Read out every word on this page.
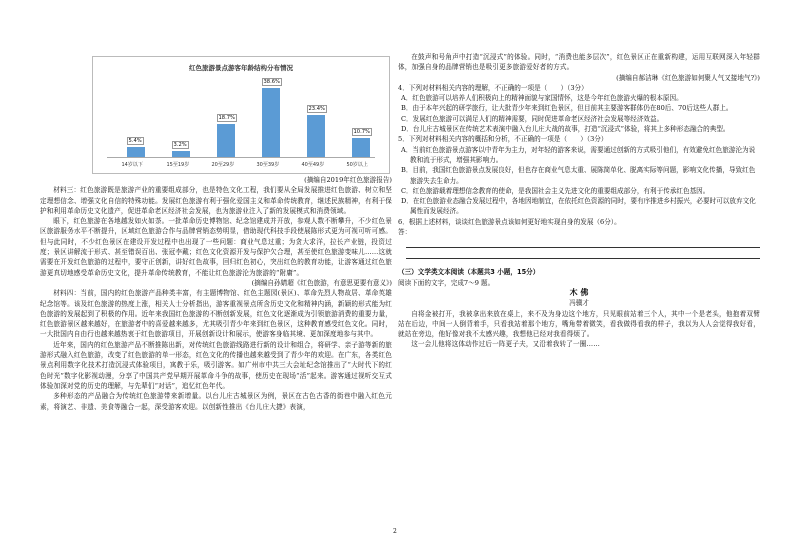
红色旅游景点游客年龄结构分布情况
5.4%
14岁以下
3.2%
15至19岁
18.7%
20至29岁
38.6%
30至39岁
23.4%
40至49岁
10.7%
50岁以上

(摘编自2019年红色旅游报告)

材料三：红色旅游既是旅游产业的重要组成部分，也是特色文化工程，我们要从全局发展推进红色旅游、树立和坚定理想信念、增强文化自信的特殊功能。发展红色旅游有利于强化爱国主义和革命传统教育，继述民族精神，有利于保护和利用革命历史文化遗产，促进革命老区经济社会发展，也为旅游业注入了新的发展模式和消费领域。

眼下，红色旅游在各地越发如火如荼。一批革命历史博物馆、纪念馆建成并开放，参观人数不断攀升，不少红色景区旅游服务水平不断提升，区域红色旅游合作与品牌营销态势明显，借助现代科技手段使展陈形式更为可视可听可感。但与此同时，不少红色景区在建设开发过程中也出现了一些问题：商业气息过重；为贪大求洋，拉长产业链，投资过度；景区讲解流于形式、甚至错误百出、张冠李戴；红色文化资源开发与保护欠合理，甚至使红色旅游变味儿……这就需要在开发红色旅游的过程中，要守正创新，讲好红色故事，回归红色初心，突出红色的教育功能，让游客通过红色旅游更真切地感受革命历史文化，提升革命传统教育，不能让红色旅游沦为旅游的“附庸”。

(摘编自孙婧超《红色旅游，有意思更要有意义》)

材料四：当前，国内的红色旅游产品种类丰富，有主题博物馆、红色主题园(景区)、革命先烈人物故居、革命英雄纪念馆等。该及红色旅游的热度上涨，相关人士分析指出，游客重视景点所含历史文化和精神内涵，新颖的形式能为红色旅游的发展起到了积极的作用。近年来我国红色旅游的不断创新发展，红色文化逐渐成为引领旅游消费的重要力量，红色旅游景区越来越好，在旅游者中的喜爱越来越多，尤其吸引青少年来到红色景区，这种教育感受红色文化。同时，一大批国内自由行也越来越热衷于红色旅游项目，开展创新设计和展示，使游客身临其境、更加深度地参与其中。

近年来，国内的红色旅游产品不断推陈出新，对传统红色旅游线路进行新的设计和组合，将研学、亲子游等新的旅游形式融入红色旅游，改变了红色旅游的单一形态，红色文化的传播也越来越受到了青少年的欢迎。在广东，各类红色景点利用数字化技术打造沉浸式体验项目，寓教于乐，吸引游客。如广州市中共三大会址纪念馆推出了“大时代下的红色时光”数字化影视动漫，分享了中国共产党早期开展革命斗争的故事，使历史在现场“活”起来。游客通过视听交互式体验加深对党的历史的理解，与先辈们“对话”，追忆红色年代。

多种形态的产品融合为传统红色旅游带来新增量。以台儿庄古城景区为例，景区在古色古香的街巷中融入红色元素，将演艺、非遗、美食等融合一起，深受游客欢迎。以创新性推出《台儿庄大捷》表演，

在鼓声和号角声中打造“沉浸式”的体验。同时，“消费也能多层次”，红色景区正在重新构建，运用互联网深入年轻群体，加强自身的品牌营销也是吸引更多旅游爱好者的方式。

(摘编自郝洁琳《红色旅游如何聚人气又接地气?》)

4．下列对材料相关内容的理解，不正确的一项是（　　）（3分）

A．红色旅游可以培养人们积极向上的精神面貌与家国情怀，这是今年红色旅游火爆的根本原因。

B．由于本年兴起的研学旅行，让大批青少年来到红色景区，但目前其主要游客群体仍在80后、70后这些人群上。

C．发展红色旅游可以满足人们的精神需要，同时促进革命老区经济社会发展等经济效益。

D．台儿庄古城景区在传统艺术表演中融入台儿庄大战的故事，打造“沉浸式”体验，将其上多种形态融合的典型。

5．下列对材料相关内容的概括和分析，不正确的一项是（　　）（3分）

A．当前红色旅游景点游客以中青年为主力，对年轻的游客来说，需要通过创新的方式吸引他们，有效避免红色旅游沦为说教和流于形式，增强其影响力。

B．目前，我国红色旅游景点发展良好，但也存在商业气息太重、展陈简单化、脱离实际等问题，影响文化传播，导致红色旅游失去生命力。

C．红色旅游载着理想信念教育的使命，是我国社会主义先进文化的重要组成部分，有利于传承红色基因。

D．在红色旅游业态融合发展过程中，各地因地制宜，在依托红色资源的同时，要有序推进乡村振兴，必要时可以放弃文化属性而发展经济。

6．根据上述材料，谈谈红色旅游景点该如何更好地实现自身的发展（6分）。

答：

（三）文学类文本阅读（本题共3 小题，15分）

阅读下面的文字，完成7～9 题。

木 佛

冯骥才

自将金被打开，我被拿出来放在桌上，来不及为身边这个地方，只见眼前站着三个人，其中一个是老头，他抱着双臂站在后边，中间一人倒背着手，只看我站着那个地方，嘴角带着微笑，看我做得看我的样子，我以为人人会觉得我好看，就站在旁边，他好像对我不太感兴趣，我想他已经对我看得烦了。

这一会儿他将这体动作过后一阵更子夫，又沿着我转了一圈……

2
